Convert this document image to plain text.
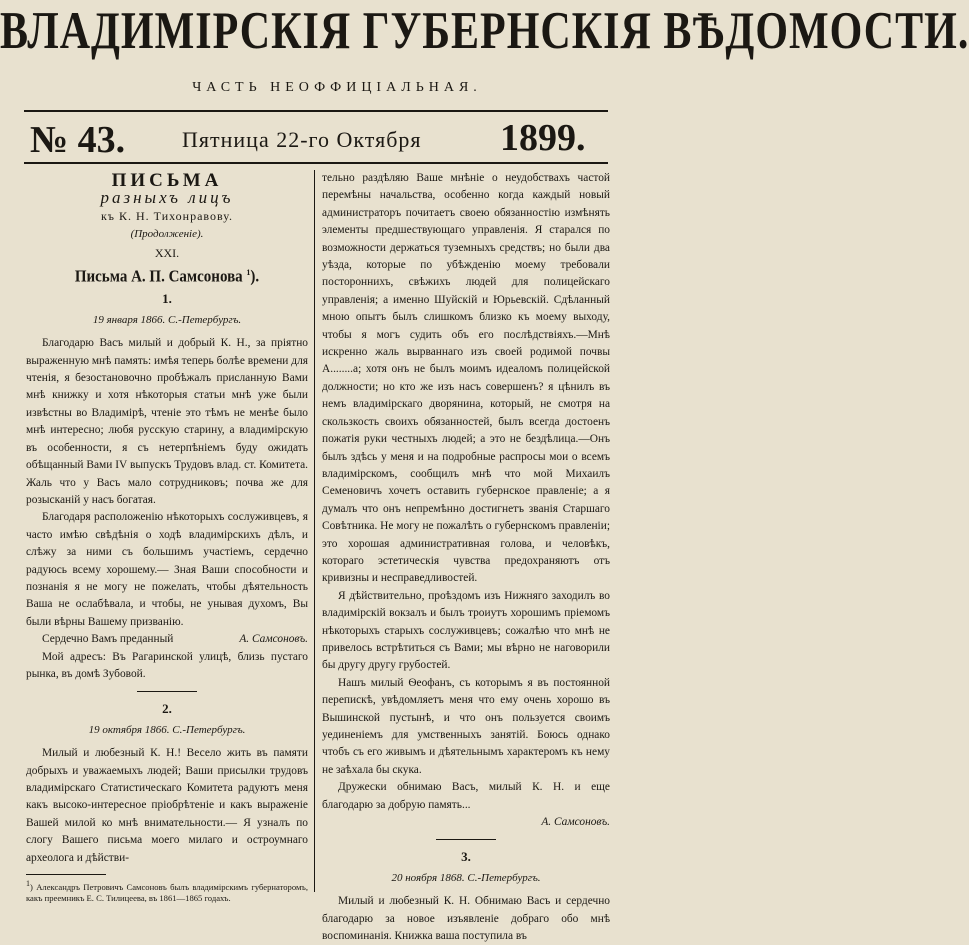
ВЛАДИМІРСКІЯ ГУБЕРНСКІЯ ВѢДОМОСТИ.
ЧАСТЬ НЕОФФИЦІАЛЬНАЯ.
№ 43.	Пятница 22-го Октября 1899.
ПИСЬМА
разныхъ лицъ
къ К. Н. Тихонравову.
(Продолженіе).
XXI.
Письма А. П. Самсонова $^1$).
1.
19 января 1866. С.-Петербургъ.

Благодарю Васъ милый и добрый К. Н., за пріятно выраженную мнѣ память: имѣя теперь болѣе времени для чтенія, я безостановочно пробѣжалъ присланную Вами мнѣ книжку и хотя нѣкоторыя статьи мнѣ уже были извѣстны во Владимірѣ, чтеніе это тѣмъ не менѣе было мнѣ интересно; любя русскую старину, а владимірскую въ особенности, я съ нетерпѣніемъ буду ожидать обѣщанный Вами IV выпускъ Трудовъ влад. ст. Комитета. Жаль что у Васъ мало сотрудниковъ; почва же для розысканій у насъ богатая.

Благодаря расположенію нѣкоторыхъ сослуживцевъ, я часто имѣю свѣдѣнія о ходѣ владимірскихъ дѣлъ, и слѣжу за ними съ большимъ участіемъ, сердечно радуюсь всему хорошему.— Зная Ваши способности и познанія я не могу не пожелать, чтобы дѣятельность Ваша не ослабѣвала, и чтобы, не унывая духомъ, Вы были вѣрны Вашему призванію.

Сердечно Вамъ преданный	А. Самсоновъ.

Мой адресъ: Въ Рагаринской улицѣ, близь пустаго рынка, въ домѣ Зубовой.

2.
19 октября 1866. С.-Петербургъ.

Милый и любезный К. Н.! Весело жить въ памяти добрыхъ и уважаемыхъ людей; Ваши присылки трудовъ владимірскаго Статистическаго Комитета радуютъ меня какъ высоко-интересное пріобрѣтеніе и какъ выраженіе Вашей милой ко мнѣ внимательности.— Я узналъ по слогу Вашего письма моего милаго и остроумнаго археолога и дѣйстви-

$^1$) Александръ Петровичъ Самсоновъ былъ владимірскимъ губернаторомъ, какъ преемникъ Е. С. Тилицеева, въ 1861—1865 годахъ.

тельно раздѣляю Ваше мнѣніе о неудобствахъ частой перемѣны начальства, особенно когда каждый новый администраторъ почитаетъ своею обязанностію измѣнять элементы предшествующаго управленія. Я старался по возможности держаться туземныхъ средствъ; но были два уѣзда, которые по убѣжденію моему требовали постороннихъ, свѣжихъ людей для полицейскаго управленія; а именно Шуйскій и Юрьевскій. Сдѣланный мною опытъ былъ слишкомъ близко къ моему выходу, чтобы я могъ судить объ его послѣдствіяхъ.—Мнѣ искренно жаль вырваннаго изъ своей родимой почвы А........а; хотя онъ не былъ моимъ идеаломъ полицейской должности; но кто же изъ насъ совершенъ? я цѣнилъ въ немъ владимірскаго дворянина, который, не смотря на скользкость своихъ обязанностей, былъ всегда достоенъ пожатія руки честныхъ людей; а это не бездѣлица.—Онъ былъ здѣсь у меня и на подробные распросы мои о всемъ владимірскомъ, сообщилъ мнѣ что мой Михаилъ Семеновичъ хочетъ оставить губернское правленіе; а я думалъ что онъ непремѣнно достигнетъ званія Старшаго Совѣтника. Не могу не пожалѣть о губернскомъ правленіи; это хорошая административная голова, и человѣкъ, котораго эстетическія чувства предохраняютъ отъ кривизны и несправедливостей.

Я дѣйствительно, проѣздомъ изъ Нижняго заходилъ во владимірскій вокзалъ и былъ троиутъ хорошимъ пріемомъ нѣкоторыхъ старыхъ сослуживцевъ; сожалѣю что мнѣ не привелось встрѣтиться съ Вами; мы вѣрно не наговорили бы другу другу грубостей.

Нашъ милый Ѳеофанъ, съ которымъ я въ постоянной перепискѣ, увѣдомляетъ меня что ему очень хорошо въ Вышинской пустынѣ, и что онъ пользуется своимъ уединеніемъ для умственныхъ занятій. Боюсь однако чтобъ съ его живымъ и дѣятельнымъ характеромъ къ нему не заѣхала бы скука.

Дружески обнимаю Васъ, милый К. Н. и еще благодарю за добрую память...

А. Самсоновъ.

3.
20 ноября 1868. С.-Петербургъ.

Милый и любезный К. Н. Обнимаю Васъ и сердечно благодарю за новое изъявленіе добраго обо мнѣ воспоминанія. Книжка ваша поступила въ
